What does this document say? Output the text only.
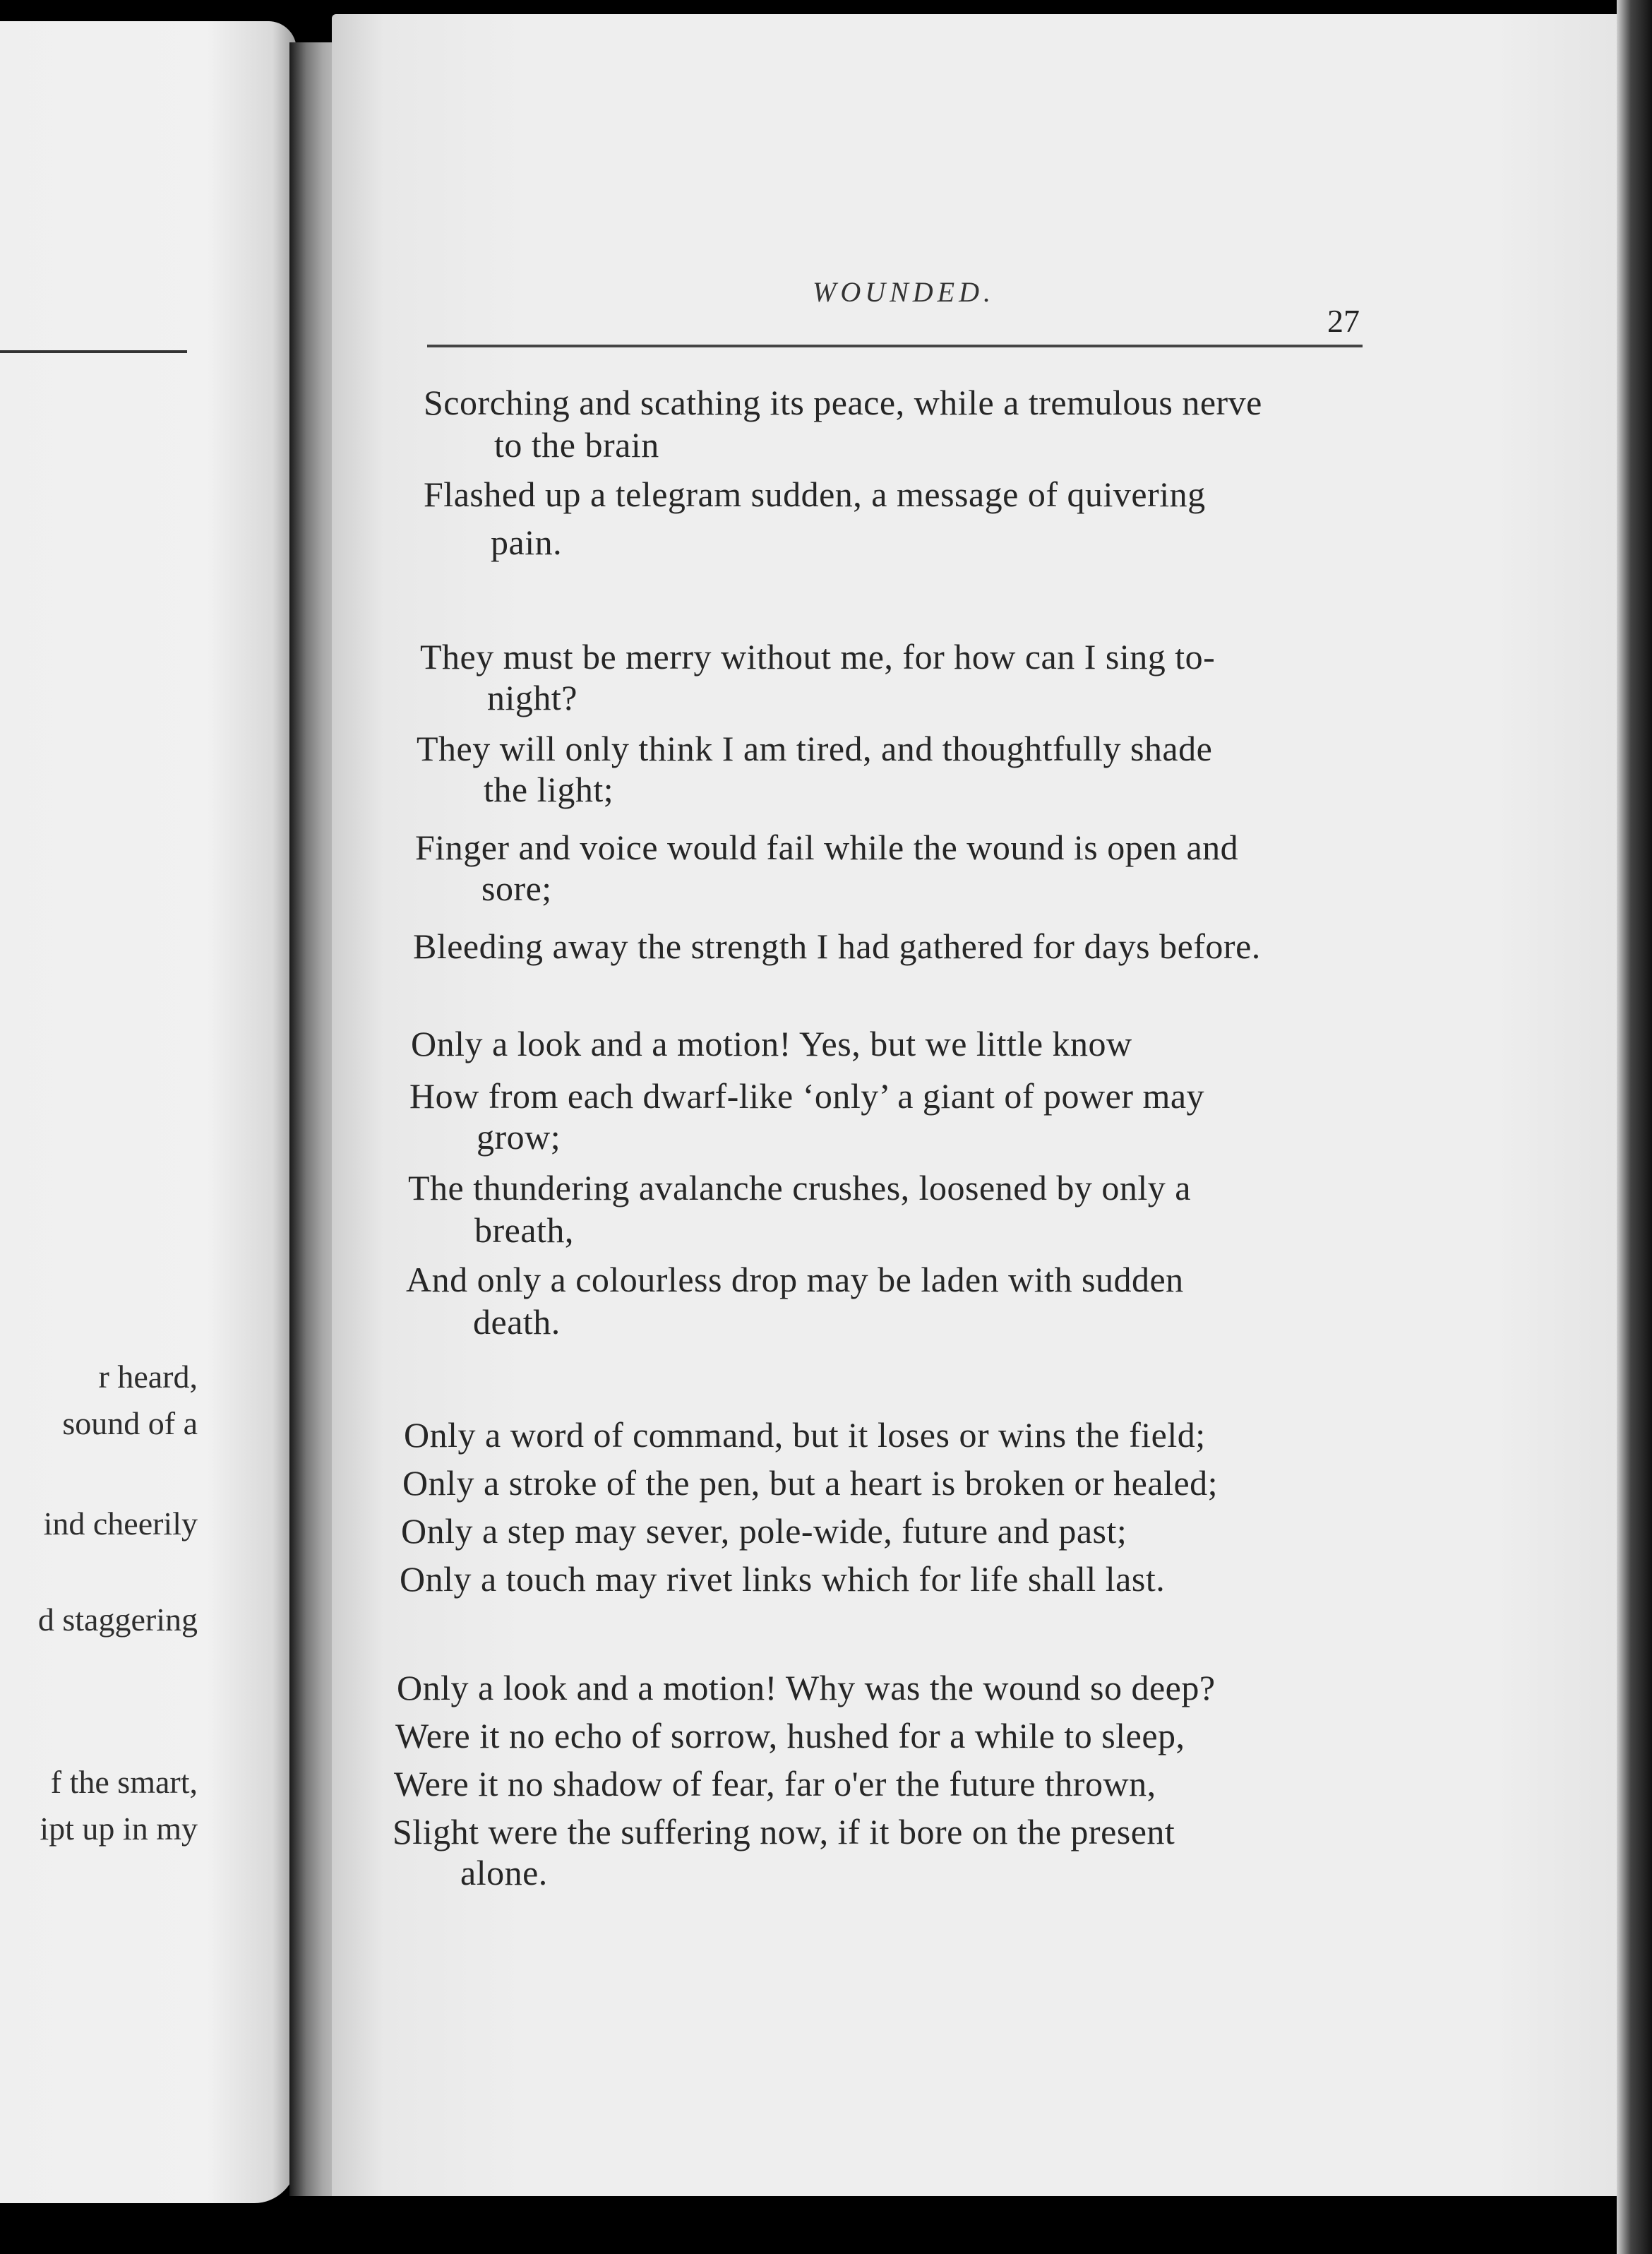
r heard,
sound of a
ind cheerily
d staggering
f the smart,
ipt up in my
WOUNDED.
27
Scorching and scathing its peace, while a tremulous nerve
to the brain
Flashed up a telegram sudden, a message of quivering
pain.
They must be merry without me, for how can I sing to-
night?
They will only think I am tired, and thoughtfully shade
the light;
Finger and voice would fail while the wound is open and
sore;
Bleeding away the strength I had gathered for days before.
Only a look and a motion! Yes, but we little know
How from each dwarf-like ‘only’ a giant of power may
grow;
The thundering avalanche crushes, loosened by only a
breath,
And only a colourless drop may be laden with sudden
death.
Only a word of command, but it loses or wins the field;
Only a stroke of the pen, but a heart is broken or healed;
Only a step may sever, pole-wide, future and past;
Only a touch may rivet links which for life shall last.
Only a look and a motion! Why was the wound so deep?
Were it no echo of sorrow, hushed for a while to sleep,
Were it no shadow of fear, far o'er the future thrown,
Slight were the suffering now, if it bore on the present
alone.
